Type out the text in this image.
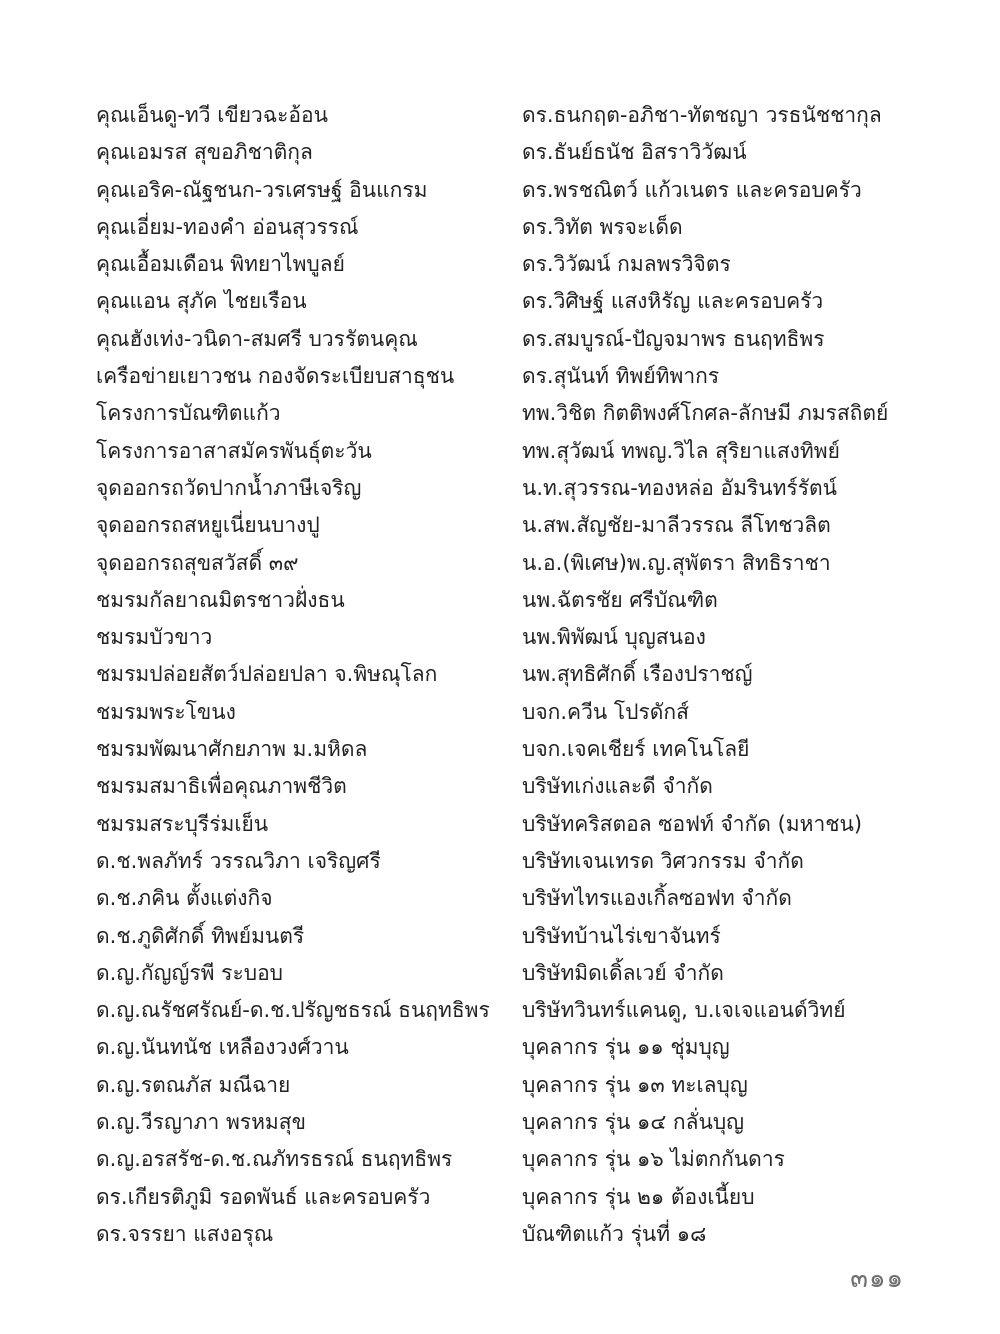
คุณเอ็นดู-ทวี เขียวฉะอ้อน
คุณเอมรส สุขอภิชาติกุล
คุณเอริค-ณัฐชนก-วรเศรษฐ์ อินแกรม
คุณเอี่ยม-ทองคำ อ่อนสุวรรณ์
คุณเอื้อมเดือน พิทยาไพบูลย์
คุณแอน สุภัค ไชยเรือน
คุณฮังเท่ง-วนิดา-สมศรี บวรรัตนคุณ
เครือข่ายเยาวชน กองจัดระเบียบสาธุชน
โครงการบัณฑิตแก้ว
โครงการอาสาสมัครพันธุ์ตะวัน
จุดออกรถวัดปากน้ำภาษีเจริญ
จุดออกรถสหยูเนี่ยนบางปู
จุดออกรถสุขสวัสดิ์ ๓๙
ชมรมกัลยาณมิตรชาวฝั่งธน
ชมรมบัวขาว
ชมรมปล่อยสัตว์ปล่อยปลา จ.พิษณุโลก
ชมรมพระโขนง
ชมรมพัฒนาศักยภาพ ม.มหิดล
ชมรมสมาธิเพื่อคุณภาพชีวิต
ชมรมสระบุรีร่มเย็น
ด.ช.พลภัทร์ วรรณวิภา เจริญศรี
ด.ช.ภคิน ตั้งแต่งกิจ
ด.ช.ภูดิศักดิ์ ทิพย์มนตรี
ด.ญ.กัญญ์รพี ระบอบ
ด.ญ.ณรัชศรัณย์-ด.ช.ปรัญชธรณ์ ธนฤทธิพร
ด.ญ.นันทนัช เหลืองวงศ์วาน
ด.ญ.รตณภัส มณีฉาย
ด.ญ.วีรญาภา พรหมสุข
ด.ญ.อรสรัช-ด.ช.ณภัทรธรณ์ ธนฤทธิพร
ดร.เกียรติภูมิ รอดพันธ์ และครอบครัว
ดร.จรรยา แสงอรุณ
ดร.ธนกฤต-อภิชา-ทัตชญา วรธนัชชากุล
ดร.ธันย์ธนัช อิสราวิวัฒน์
ดร.พรชณิตว์ แก้วเนตร และครอบครัว
ดร.วิทัต พรจะเด็ด
ดร.วิวัฒน์ กมลพรวิจิตร
ดร.วิศิษฐ์ แสงหิรัญ และครอบครัว
ดร.สมบูรณ์-ปัญจมาพร ธนฤทธิพร
ดร.สุนันท์ ทิพย์ทิพากร
ทพ.วิชิต กิตติพงศ์โกศล-ลักษมี ภมรสถิตย์
ทพ.สุวัฒน์ ทพญ.วิไล สุริยาแสงทิพย์
น.ท.สุวรรณ-ทองหล่อ อัมรินทร์รัตน์
น.สพ.สัญชัย-มาลีวรรณ ลีโทชวลิต
น.อ.(พิเศษ)พ.ญ.สุพัตรา สิทธิราชา
นพ.ฉัตรชัย ศรีบัณฑิต
นพ.พิพัฒน์ บุญสนอง
นพ.สุทธิศักดิ์ เรืองปราชญ์
บจก.ควีน โปรดักส์
บจก.เจคเชียร์ เทคโนโลยี
บริษัทเก่งและดี จำกัด
บริษัทคริสตอล ซอฟท์ จำกัด (มหาชน)
บริษัทเจนเทรด วิศวกรรม จำกัด
บริษัทไทรแองเกิ้ลซอฟท จำกัด
บริษัทบ้านไร่เขาจันทร์
บริษัทมิดเดิ้ลเวย์ จำกัด
บริษัทวินทร์แคนดู, บ.เจเจแอนด์วิทย์
บุคลากร รุ่น ๑๑ ชุ่มบุญ
บุคลากร รุ่น ๑๓ ทะเลบุญ
บุคลากร รุ่น ๑๔ กลั่นบุญ
บุคลากร รุ่น ๑๖ ไม่ตกกันดาร
บุคลากร รุ่น ๒๑ ต้องเนี้ยบ
บัณฑิตแก้ว รุ่นที่ ๑๘
๓๑๑
